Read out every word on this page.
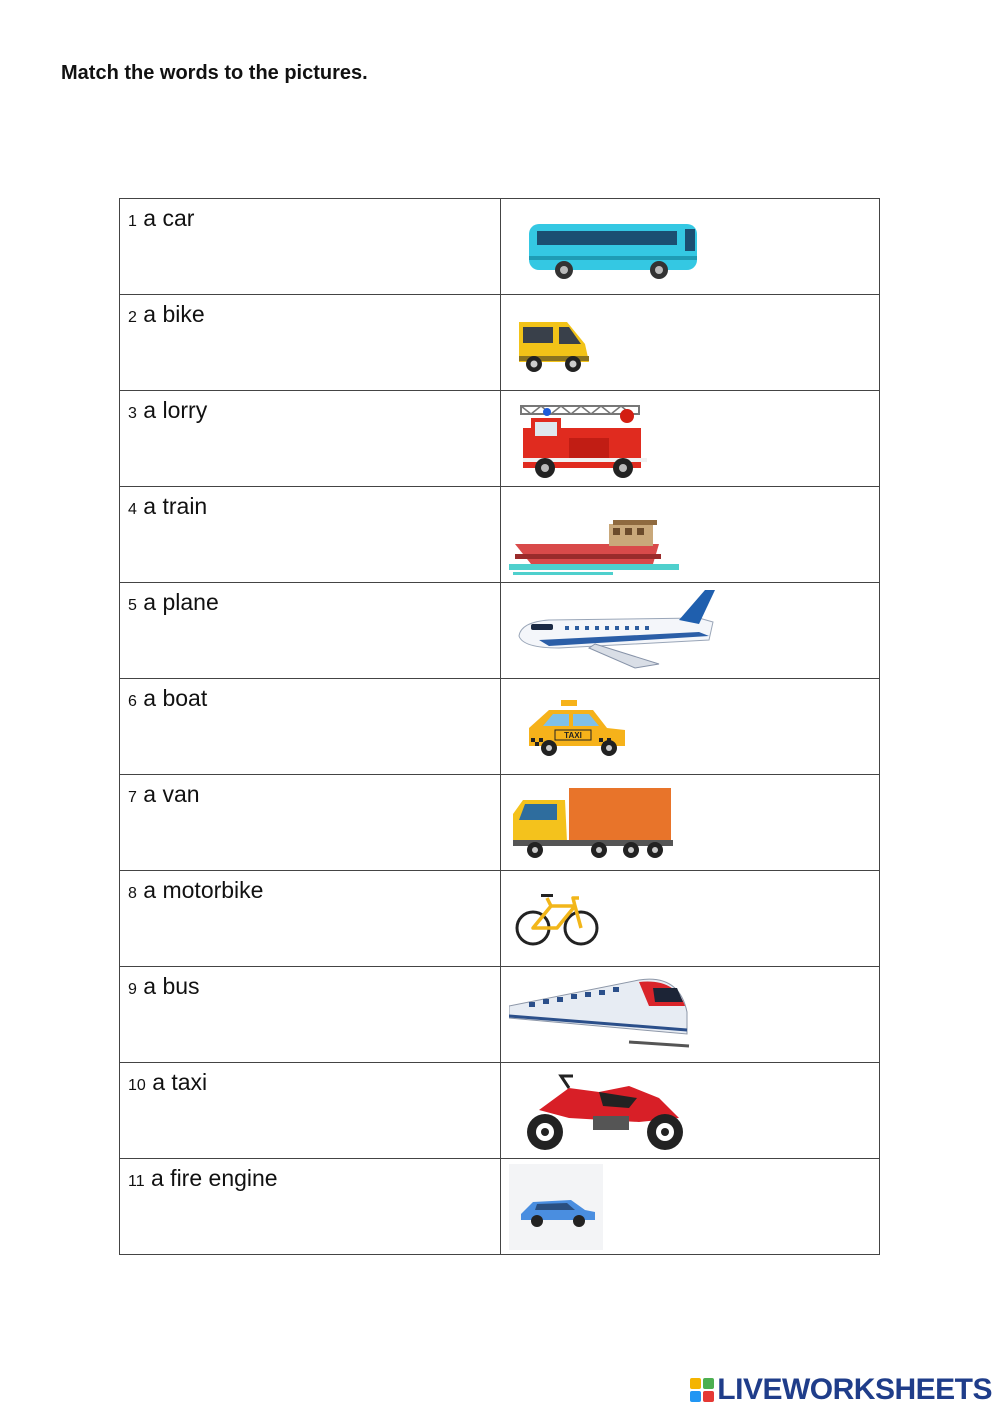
Match the words to the pictures.

1 a car

2 a bike

3 a lorry

4 a train

5 a plane

6 a boat	TAXI

7 a van

8 a motorbike

9 a bus

10 a taxi

11 a fire engine

LIVEWORKSHEETS
